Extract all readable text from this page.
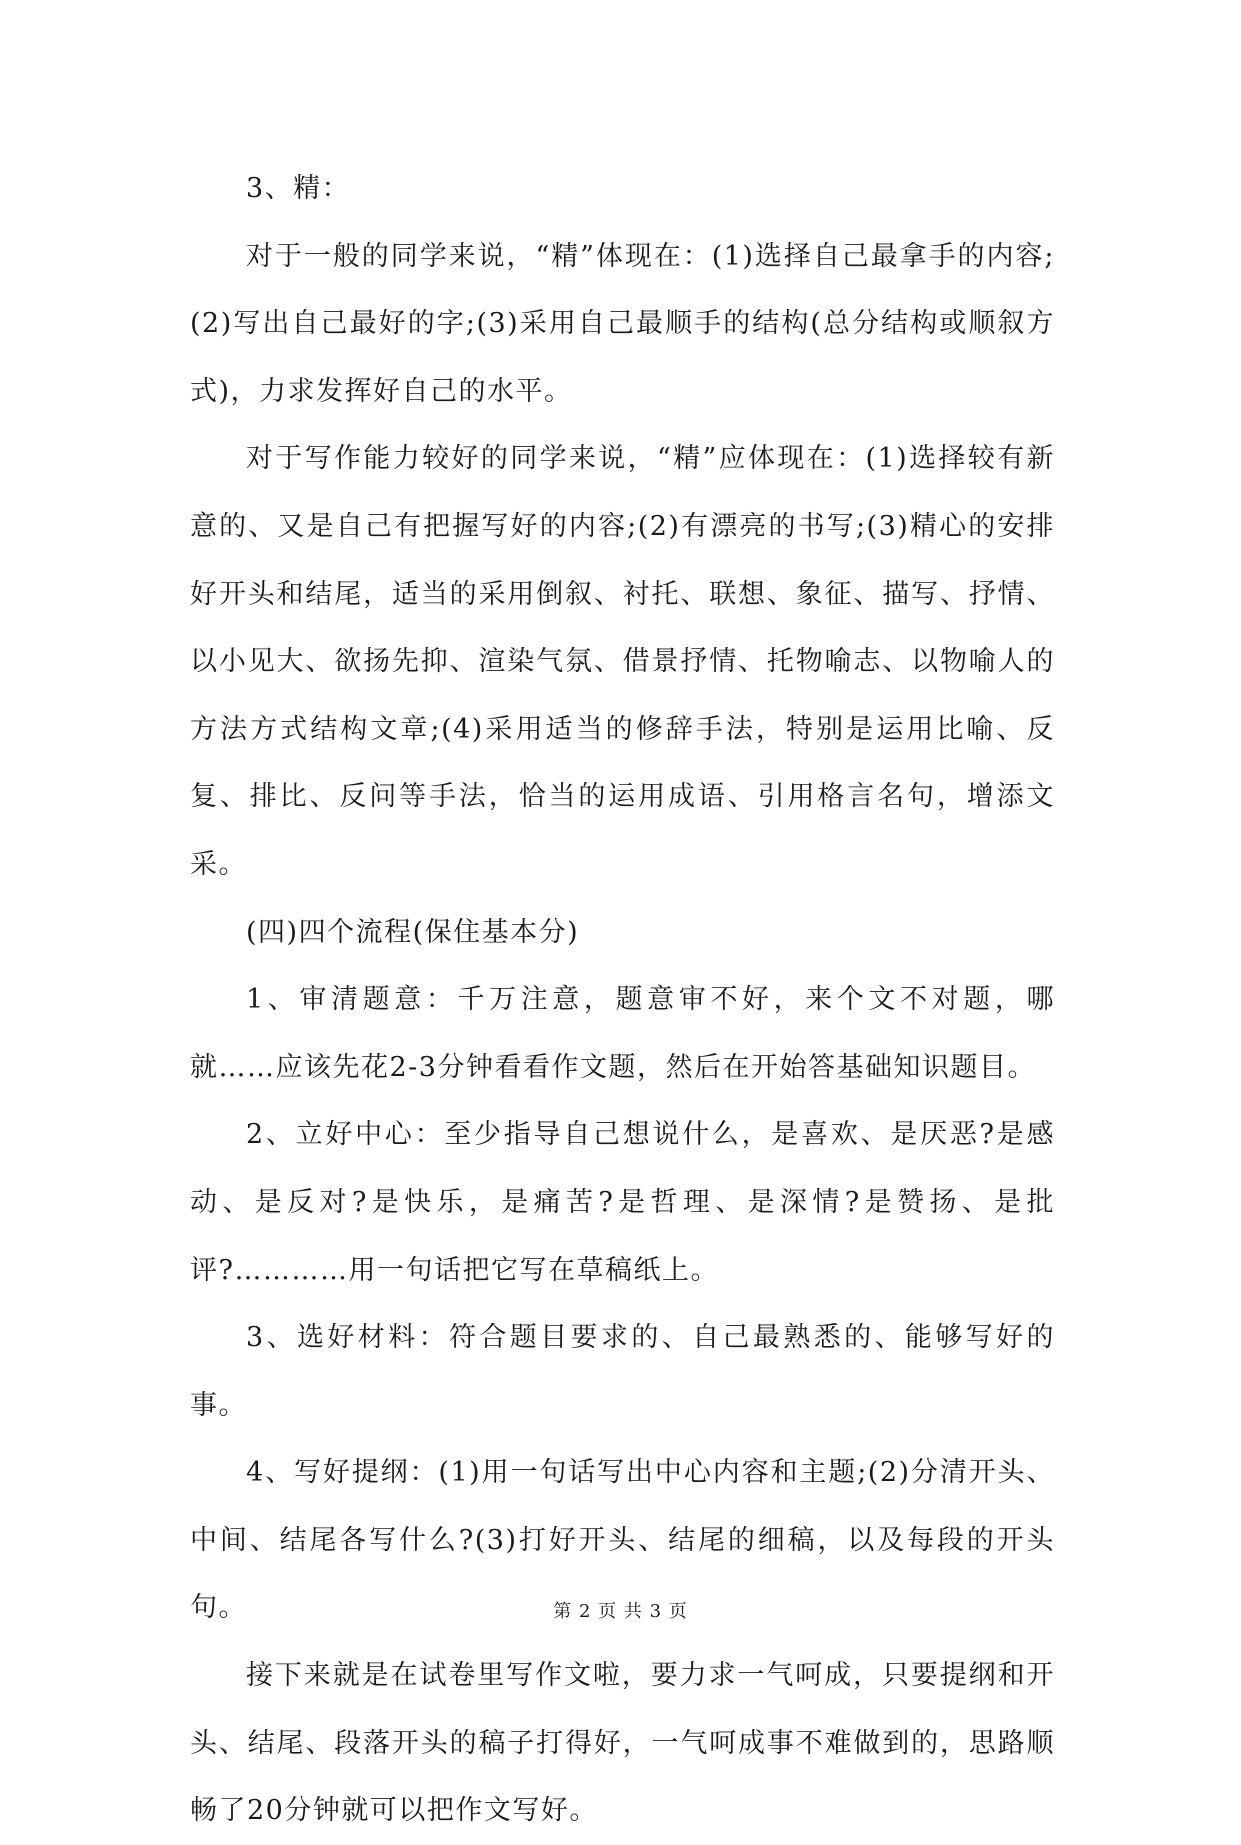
3、精：

对于一般的同学来说，“精”体现在：(1)选择自己最拿手的内容;(2)写出自己最好的字;(3)采用自己最顺手的结构(总分结构或顺叙方式)，力求发挥好自己的水平。

对于写作能力较好的同学来说，“精”应体现在：(1)选择较有新意的、又是自己有把握写好的内容;(2)有漂亮的书写;(3)精心的安排好开头和结尾，适当的采用倒叙、衬托、联想、象征、描写、抒情、以小见大、欲扬先抑、渲染气氛、借景抒情、托物喻志、以物喻人的方法方式结构文章;(4)采用适当的修辞手法，特别是运用比喻、反复、排比、反问等手法，恰当的运用成语、引用格言名句，增添文采。

(四)四个流程(保住基本分)

1、审清题意：千万注意，题意审不好，来个文不对题，哪就……应该先花2-3分钟看看作文题，然后在开始答基础知识题目。

2、立好中心：至少指导自己想说什么，是喜欢、是厌恶?是感动、是反对?是快乐，是痛苦?是哲理、是深情?是赞扬、是批评?…………用一句话把它写在草稿纸上。

3、选好材料：符合题目要求的、自己最熟悉的、能够写好的事。

4、写好提纲：(1)用一句话写出中心内容和主题;(2)分清开头、中间、结尾各写什么?(3)打好开头、结尾的细稿，以及每段的开头句。

接下来就是在试卷里写作文啦，要力求一气呵成，只要提纲和开头、结尾、段落开头的稿子打得好，一气呵成事不难做到的，思路顺畅了20分钟就可以把作文写好。

第 2 页 共 3 页
